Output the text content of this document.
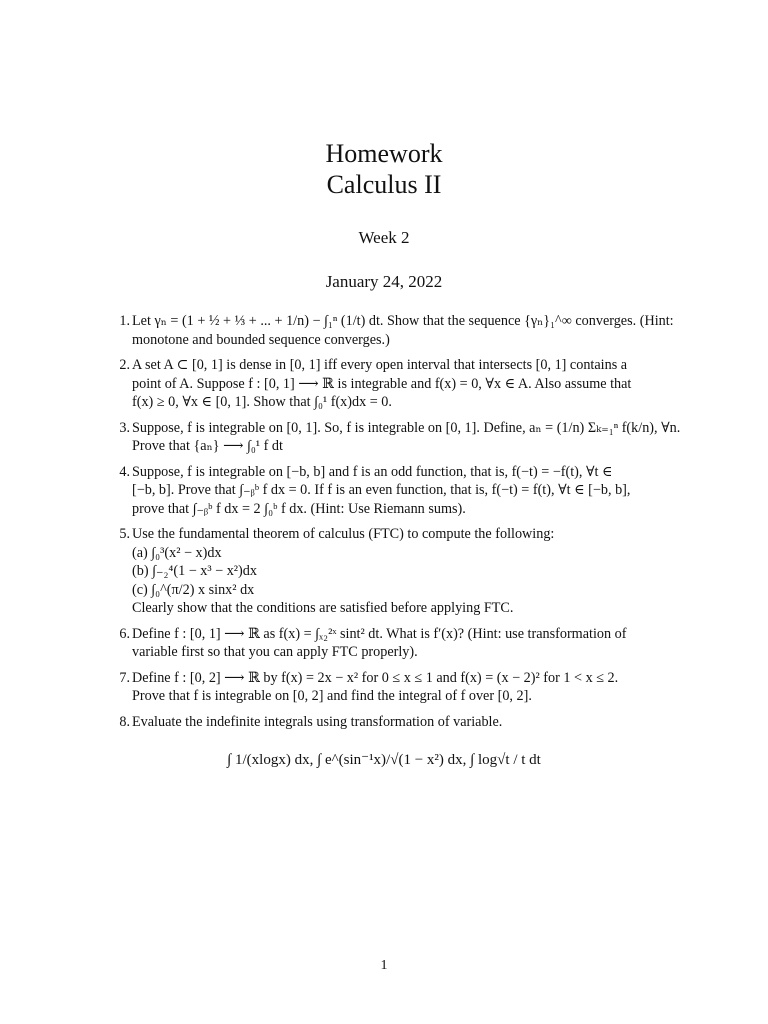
Homework
Calculus II
Week 2
January 24, 2022
1. Let γₙ = (1 + ½ + ⅓ + ... + 1/n) − ∫₁ⁿ (1/t) dt. Show that the sequence {γₙ}₁^∞ converges. (Hint:
monotone and bounded sequence converges.)
2. A set A ⊂ [0, 1] is dense in [0, 1] iff every open interval that intersects [0, 1] contains a
point of A. Suppose f : [0, 1] ⟶ ℝ is integrable and f(x) = 0, ∀x ∈ A. Also assume that
f(x) ≥ 0, ∀x ∈ [0, 1]. Show that ∫₀¹ f(x)dx = 0.
3. Suppose, f is integrable on [0, 1]. So, f is integrable on [0, 1]. Define, aₙ = (1/n) Σₖ₌₁ⁿ f(k/n), ∀n.
Prove that {aₙ} ⟶ ∫₀¹ f dt
4. Suppose, f is integrable on [−b, b] and f is an odd function, that is, f(−t) = −f(t), ∀t ∈
[−b, b]. Prove that ∫₋ᵦᵇ f dx = 0. If f is an even function, that is, f(−t) = f(t), ∀t ∈ [−b, b],
prove that ∫₋ᵦᵇ f dx = 2 ∫₀ᵇ f dx. (Hint: Use Riemann sums).
5. Use the fundamental theorem of calculus (FTC) to compute the following:
(a) ∫₀³(x² − x)dx
(b) ∫₋₂⁴(1 − x³ − x²)dx
(c) ∫₀^(π/2) x sinx² dx
Clearly show that the conditions are satisfied before applying FTC.
6. Define f : [0, 1] ⟶ ℝ as f(x) = ∫ₓ₂²ˣ sint² dt. What is f′(x)? (Hint: use transformation of
variable first so that you can apply FTC properly).
7. Define f : [0, 2] ⟶ ℝ by f(x) = 2x − x² for 0 ≤ x ≤ 1 and f(x) = (x − 2)² for 1 < x ≤ 2.
Prove that f is integrable on [0, 2] and find the integral of f over [0, 2].
8. Evaluate the indefinite integrals using transformation of variable.
∫ 1/(xlogx) dx, ∫ e^(sin⁻¹x)/√(1 − x²) dx, ∫ log√t / t dt
1
